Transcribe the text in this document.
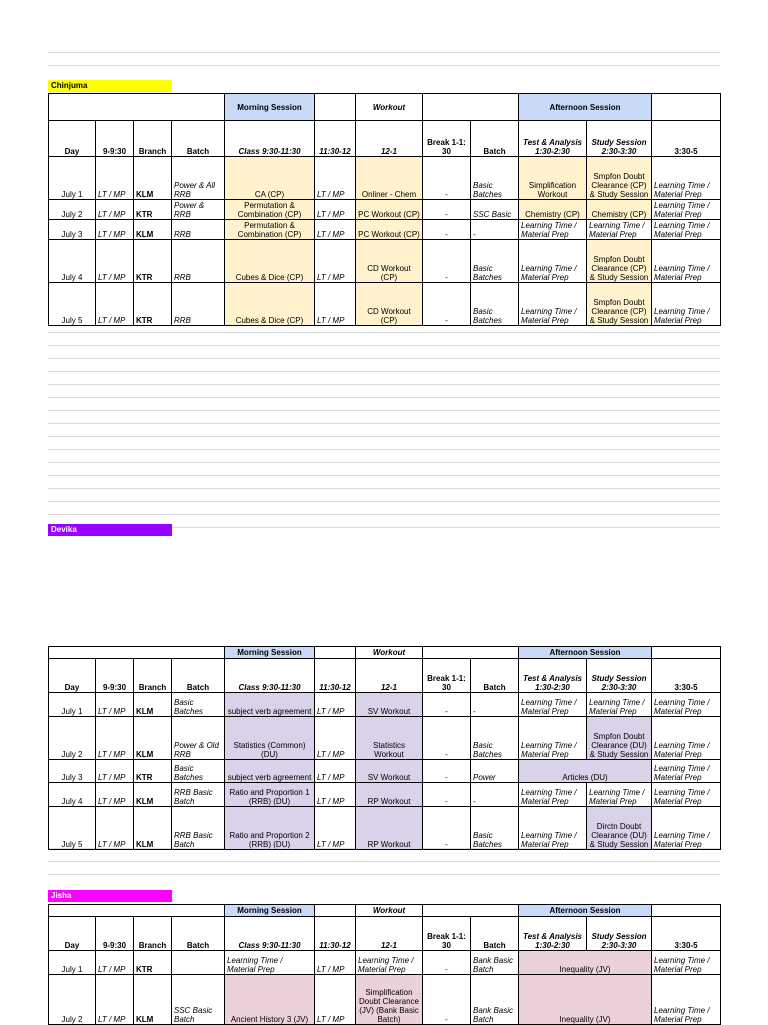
Chinjuma
Devika
Jisha
				Morning Session		Workout			Afternoon Session		
Day	9-9:30	Branch	Batch	Class 9:30-11:30	11:30-12	12-1	Break 1-1: 30	Batch	Test & Analysis 1:30-2:30	Study Session 2:30-3:30	3:30-5
July 1	LT / MP	KLM	Power & All RRB	CA (CP)	LT / MP	Onliner - Chem	-	Basic Batches	Simplification Workout	Smpfon Doubt Clearance (CP) & Study Session	Learning Time / Material Prep
July 2	LT / MP	KTR	Power & RRB	Permutation & Combination (CP)	LT / MP	PC Workout (CP)	-	SSC Basic	Chemistry (CP)	Chemistry (CP)	Learning Time / Material Prep
July 3	LT / MP	KLM	RRB	Permutation & Combination (CP)	LT / MP	PC Workout (CP)	-	-	Learning Time / Material Prep	Learning Time / Material Prep	Learning Time / Material Prep
July 4	LT / MP	KTR	RRB	Cubes & Dice (CP)	LT / MP	CD Workout (CP)	-	Basic Batches	Learning Time / Material Prep	Smpfon Doubt Clearance (CP) & Study Session	Learning Time / Material Prep
July 5	LT / MP	KTR	RRB	Cubes & Dice (CP)	LT / MP	CD Workout (CP)	-	Basic Batches	Learning Time / Material Prep	Smpfon Doubt Clearance (CP) & Study Session	Learning Time / Material Prep
				Morning Session		Workout			Afternoon Session		
Day	9-9:30	Branch	Batch	Class 9:30-11:30	11:30-12	12-1	Break 1-1: 30	Batch	Test & Analysis 1:30-2:30	Study Session 2:30-3:30	3:30-5
July 1	LT / MP	KLM	Basic Batches	subject verb agreement	LT / MP	SV Workout	-	-	Learning Time / Material Prep	Learning Time / Material Prep	Learning Time / Material Prep
July 2	LT / MP	KLM	Power & Old RRB	Statistics (Common) (DU)	LT / MP	Statistics Workout	-	Basic Batches	Learning Time / Material Prep	Smpfon Doubt Clearance (DU) & Study Session	Learning Time / Material Prep
July 3	LT / MP	KTR	Basic Batches	subject verb agreement	LT / MP	SV Workout	-	Power	Articles (DU)		Learning Time / Material Prep
July 4	LT / MP	KLM	RRB Basic Batch	Ratio and Proportion 1 (RRB) (DU)	LT / MP	RP Workout	-	-	Learning Time / Material Prep	Learning Time / Material Prep	Learning Time / Material Prep
July 5	LT / MP	KLM	RRB Basic Batch	Ratio and Proportion 2 (RRB) (DU)	LT / MP	RP Workout	-	Basic Batches	Learning Time / Material Prep	Dirctn Doubt Clearance (DU) & Study Session	Learning Time / Material Prep
				Morning Session		Workout			Afternoon Session		
Day	9-9:30	Branch	Batch	Class 9:30-11:30	11:30-12	12-1	Break 1-1: 30	Batch	Test & Analysis 1:30-2:30	Study Session 2:30-3:30	3:30-5
July 1	LT / MP	KTR		Learning Time / Material Prep	LT / MP	Learning Time / Material Prep	-	Bank Basic Batch	Inequality (JV)		Learning Time / Material Prep
July 2	LT / MP	KLM	SSC Basic Batch	Ancient History 3 (JV)	LT / MP	Simplification Doubt Clearance (JV) (Bank Basic Batch)	-	Bank Basic Batch	Inequality (JV)		Learning Time / Material Prep
